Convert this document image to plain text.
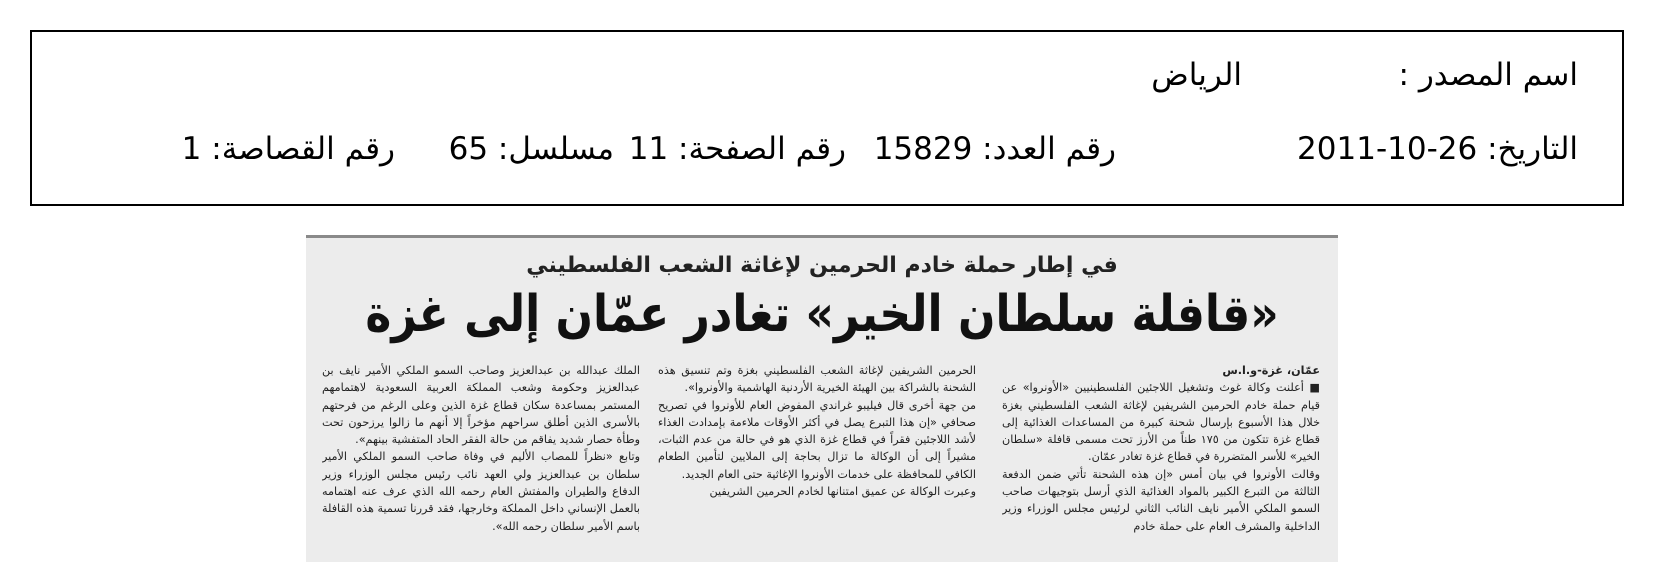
اسم المصدر :
الرياض
التاريخ: 26-10-2011
رقم العدد: 15829
رقم الصفحة: 11
مسلسل: 65
رقم القصاصة: 1
في إطار حملة خادم الحرمين لإغاثة الشعب الفلسطيني
«قافلة سلطان الخير» تغادر عمّان إلى غزة
عمّان، غزة-و.ا.س
■ أعلنت وكالة غوث وتشغيل اللاجئين الفلسطينيين «الأونروا» عن قيام حملة خادم الحرمين الشريفين لإغاثة الشعب الفلسطيني بغزة خلال هذا الأسبوع بإرسال شحنة كبيرة من المساعدات الغذائية إلى قطاع غزة تتكون من ١٧٥ طناً من الأرز تحت مسمى قافلة «سلطان الخير» للأسر المتضررة في قطاع غزة تغادر عمّان.
وقالت الأونروا في بيان أمس «إن هذه الشحنة تأتي ضمن الدفعة الثالثة من التبرع الكبير بالمواد الغذائية الذي أرسل بتوجيهات صاحب السمو الملكي الأمير نايف النائب الثاني لرئيس مجلس الوزراء وزير الداخلية والمشرف العام على حملة خادم
الحرمين الشريفين لإغاثة الشعب الفلسطيني بغزة وتم تنسيق هذه الشحنة بالشراكة بين الهيئة الخيرية الأردنية الهاشمية والأونروا».
من جهة أخرى قال فيليبو غراندي المفوض العام للأونروا في تصريح صحافي «إن هذا التبرع يصل في أكثر الأوقات ملاءمة بإمدادت الغذاء لأشد اللاجئين فقراً في قطاع غزة الذي هو في حالة من عدم الثبات، مشيراً إلى أن الوكالة ما تزال بحاجة إلى الملايين لتأمين الطعام الكافي للمحافظة على خدمات الأونروا الإغاثية حتى العام الجديد.
وعبرت الوكالة عن عميق امتنانها لخادم الحرمين الشريفين
الملك عبدالله بن عبدالعزيز وصاحب السمو الملكي الأمير نايف بن عبدالعزيز وحكومة وشعب المملكة العربية السعودية لاهتمامهم المستمر بمساعدة سكان قطاع غزة الذين وعلى الرغم من فرحتهم بالأسرى الذين أطلق سراحهم مؤخراً إلا أنهم ما زالوا يرزحون تحت وطأة حصار شديد يفاقم من حالة الفقر الحاد المتفشية بينهم».
وتابع «نظراً للمصاب الأليم في وفاة صاحب السمو الملكي الأمير سلطان بن عبدالعزيز ولي العهد نائب رئيس مجلس الوزراء وزير الدفاع والطيران والمفتش العام رحمه الله الذي عرف عنه اهتمامه بالعمل الإنساني داخل المملكة وخارجها، فقد قررنا تسمية هذه القافلة باسم الأمير سلطان رحمه الله».
